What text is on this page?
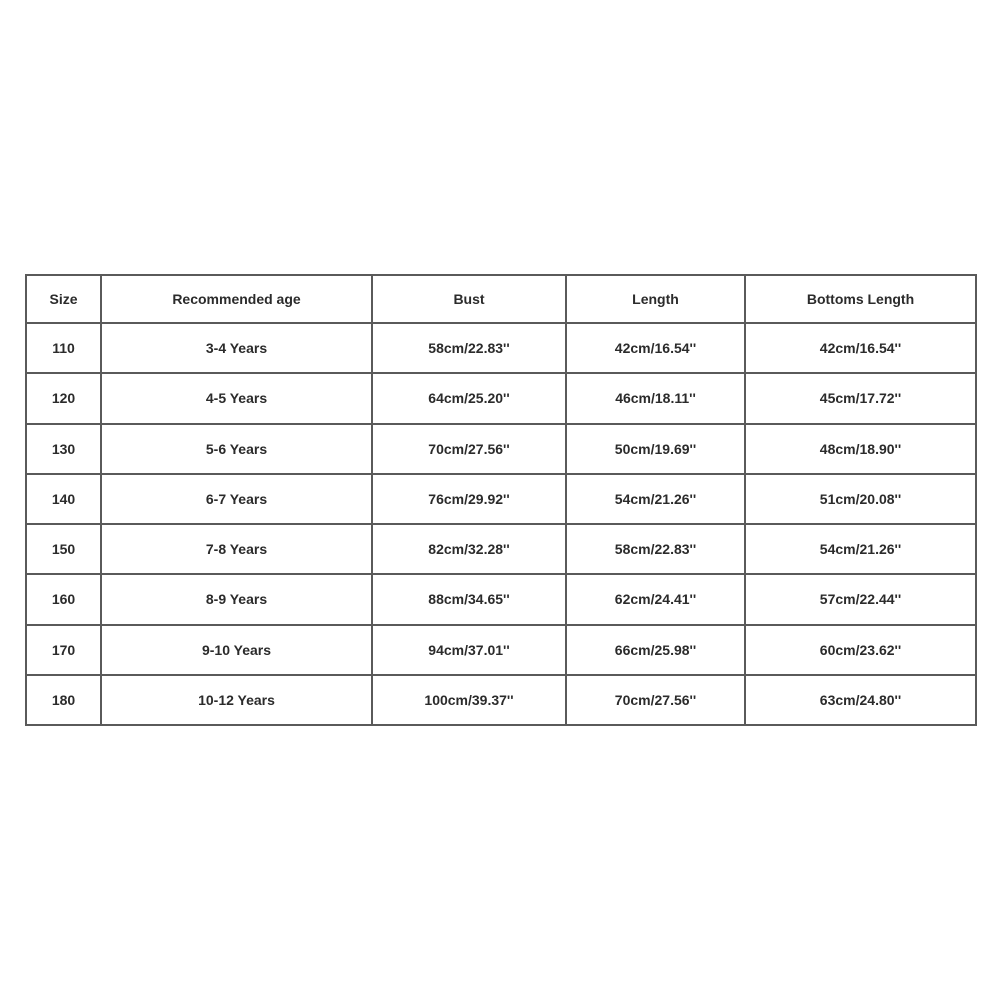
Size	Recommended age	Bust	Length	Bottoms Length
110	3-4 Years	58cm/22.83''	42cm/16.54''	42cm/16.54''
120	4-5 Years	64cm/25.20''	46cm/18.11''	45cm/17.72''
130	5-6 Years	70cm/27.56''	50cm/19.69''	48cm/18.90''
140	6-7 Years	76cm/29.92''	54cm/21.26''	51cm/20.08''
150	7-8 Years	82cm/32.28''	58cm/22.83''	54cm/21.26''
160	8-9 Years	88cm/34.65''	62cm/24.41''	57cm/22.44''
170	9-10 Years	94cm/37.01''	66cm/25.98''	60cm/23.62''
180	10-12 Years	100cm/39.37''	70cm/27.56''	63cm/24.80''
